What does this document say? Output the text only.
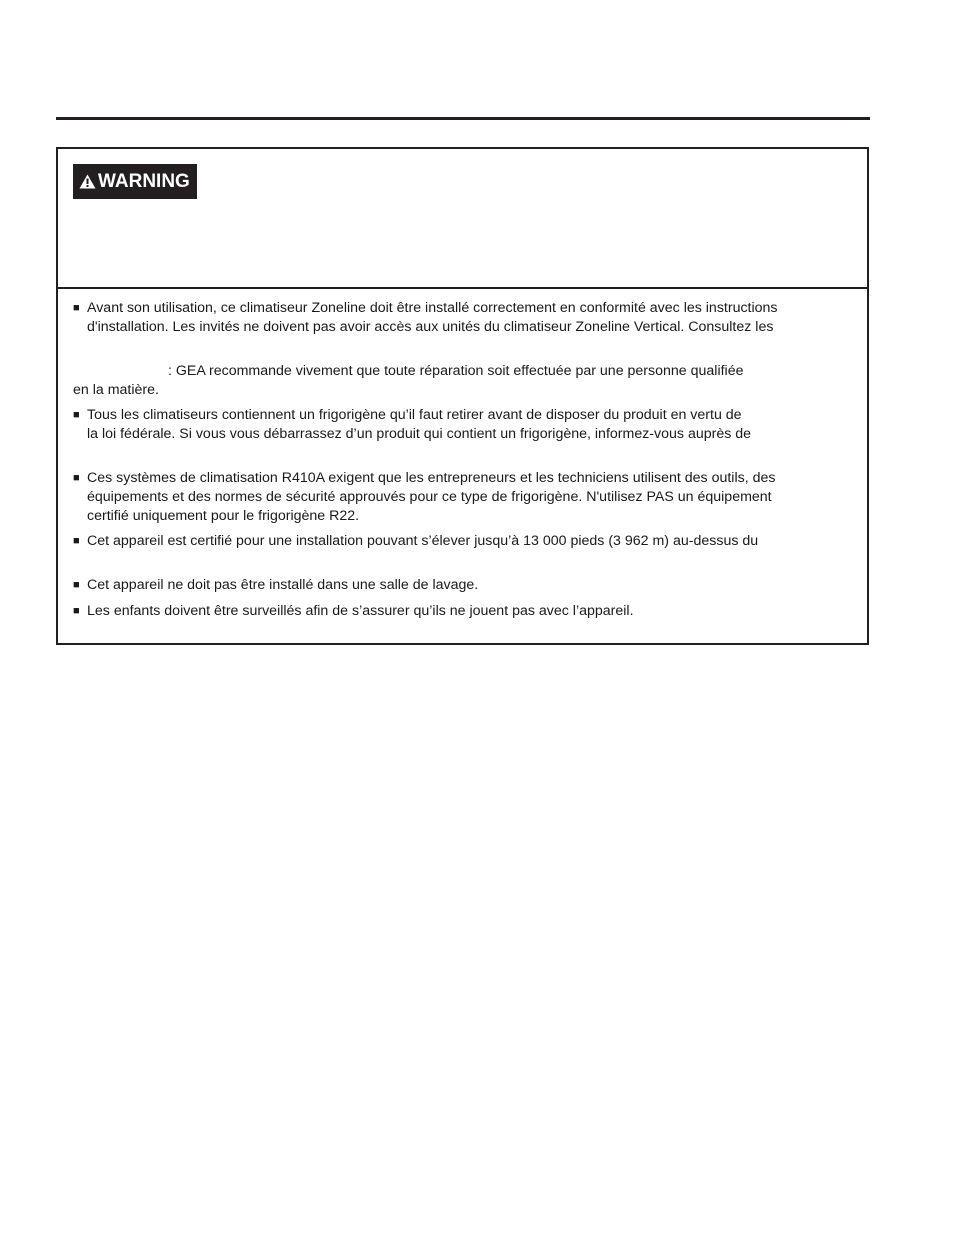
WARNING
■ Avant son utilisation, ce climatiseur Zoneline doit être installé correctement en conformité avec les instructions
d'installation. Les invités ne doivent pas avoir accès aux unités du climatiseur Zoneline Vertical. Consultez les
: GEA recommande vivement que toute réparation soit effectuée par une personne qualifiée
en la matière.
■ Tous les climatiseurs contiennent un frigorigène qu’il faut retirer avant de disposer du produit en vertu de
la loi fédérale. Si vous vous débarrassez d’un produit qui contient un frigorigène, informez-vous auprès de
■ Ces systèmes de climatisation R410A exigent que les entrepreneurs et les techniciens utilisent des outils, des
équipements et des normes de sécurité approuvés pour ce type de frigorigène. N'utilisez PAS un équipement
certifié uniquement pour le frigorigène R22.
■ Cet appareil est certifié pour une installation pouvant s’élever jusqu’à 13 000 pieds (3 962 m) au-dessus du
■ Cet appareil ne doit pas être installé dans une salle de lavage.
■ Les enfants doivent être surveillés afin de s’assurer qu’ils ne jouent pas avec l’appareil.
